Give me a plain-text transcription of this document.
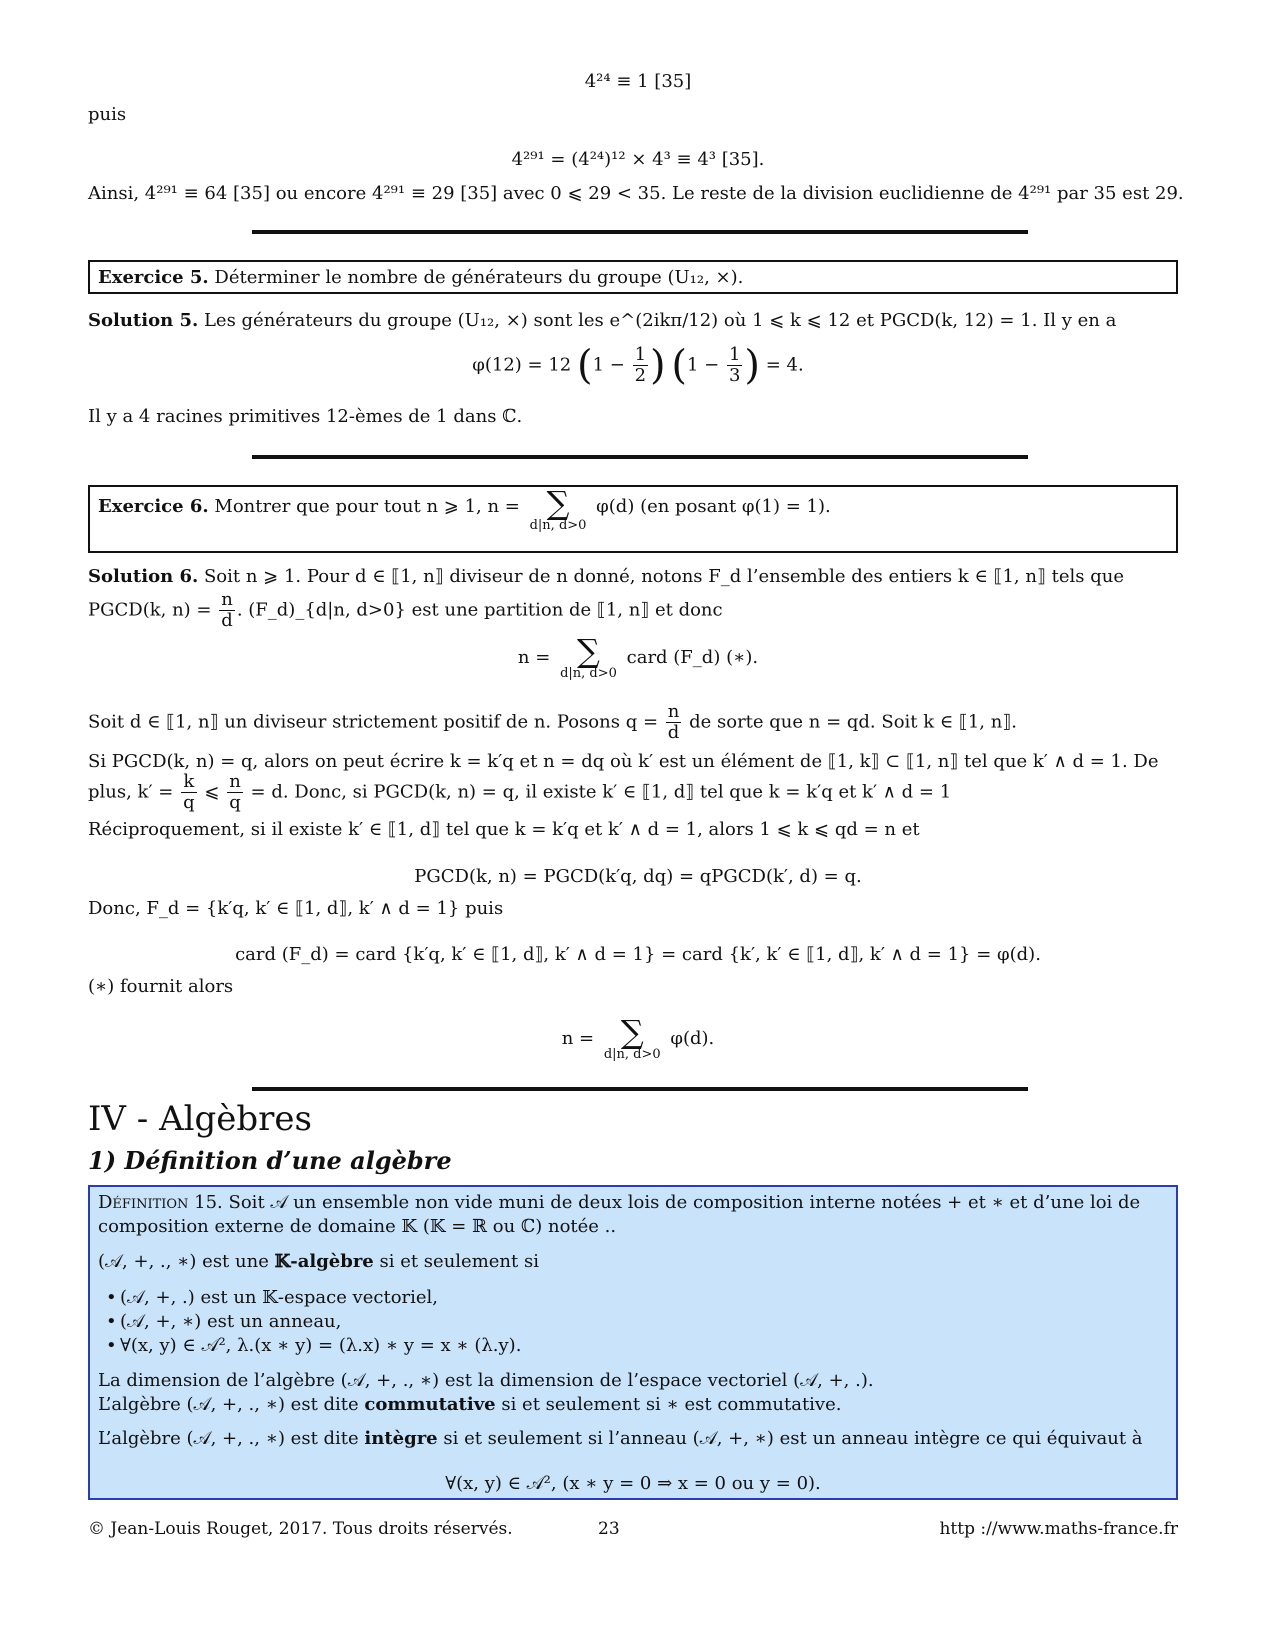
4²⁴ ≡ 1 [35]
puis
4²⁹¹ = (4²⁴)¹² × 4³ ≡ 4³ [35].
Ainsi, 4²⁹¹ ≡ 64 [35] ou encore 4²⁹¹ ≡ 29 [35] avec 0 ⩽ 29 < 35. Le reste de la division euclidienne de 4²⁹¹ par 35 est 29.
Exercice 5. Déterminer le nombre de générateurs du groupe (U₁₂, ×).
Solution 5. Les générateurs du groupe (U₁₂, ×) sont les e^(2ikπ/12) où 1 ⩽ k ⩽ 12 et PGCD(k, 12) = 1. Il y en a
φ(12) = 12 ($1 - \frac{1}{2}$ ) ($1 - \frac{1}{3}$ ) = 4.
Il y a 4 racines primitives 12-èmes de 1 dans ℂ.
Exercice 6. Montrer que pour tout n ⩾ 1, n = ∑
d|n, d>0
φ(d) (en posant φ(1) = 1).
Solution 6. Soit n ⩾ 1. Pour d ∈ ⟦1, n⟧ diviseur de n donné, notons F_d l’ensemble des entiers k ∈ ⟦1, n⟧ tels que
PGCD(k, $n) = \frac{n}{d}$ . (F_d)_{d|n, d>0} est une partition de ⟦1, n⟧ et donc
n = ∑
d|n, d>0
card (F_d) (∗).
Soit d ∈ ⟦1, n⟧ un diviseur strictement positif de n. Posons $q = \frac{n}{d}$ de sorte que n = qd. Soit k ∈ ⟦1, n⟧.
Si PGCD(k, n) = q, alors on peut écrire k = k′q et n = dq où k′ est un élément de ⟦1, k⟧ ⊂ ⟦1, n⟧ tel que k′ ∧ d = 1. De
plus, $k' = \frac{k}{q}$ ⩽ $\frac{n}{q} = d$. Donc, si PGCD(k, n) = q, il existe k′ ∈ ⟦1, d⟧ tel que k = k′q et k′ ∧ d = 1
Réciproquement, si il existe k′ ∈ ⟦1, d⟧ tel que k = k′q et k′ ∧ d = 1, alors 1 ⩽ k ⩽ qd = n et
PGCD(k, n) = PGCD(k′q, dq) = qPGCD(k′, d) = q.
Donc, F_d = {k′q, k′ ∈ ⟦1, d⟧, k′ ∧ d = 1} puis
card (F_d) = card {k′q, k′ ∈ ⟦1, d⟧, k′ ∧ d = 1} = card {k′, k′ ∈ ⟦1, d⟧, k′ ∧ d = 1} = φ(d).
(∗) fournit alors
n = ∑
d|n, d>0
φ(d).
IV - Algèbres
1) Définition d’une algèbre

Définition 15. Soit 𝒜 un ensemble non vide muni de deux lois de composition interne notées + et ∗ et d’une loi de composition externe de domaine 𝕂 (𝕂 = ℝ ou ℂ) notée ..

(𝒜, +, ., ∗) est une 𝕂-algèbre si et seulement si

• (𝒜, +, .) est un 𝕂-espace vectoriel,
• (𝒜, +, ∗) est un anneau,
• ∀(x, y) ∈ 𝒜², λ.(x ∗ y) = (λ.x) ∗ y = x ∗ (λ.y).

La dimension de l’algèbre (𝒜, +, ., ∗) est la dimension de l’espace vectoriel (𝒜, +, .).

L’algèbre (𝒜, +, ., ∗) est dite commutative si et seulement si ∗ est commutative.

L’algèbre (𝒜, +, ., ∗) est dite intègre si et seulement si l’anneau (𝒜, +, ∗) est un anneau intègre ce qui équivaut à

∀(x, y) ∈ 𝒜², (x ∗ y = 0 ⇒ x = 0 ou y = 0).

© Jean-Louis Rouget, 2017. Tous droits réservés.	23	http ://www.maths-france.fr
